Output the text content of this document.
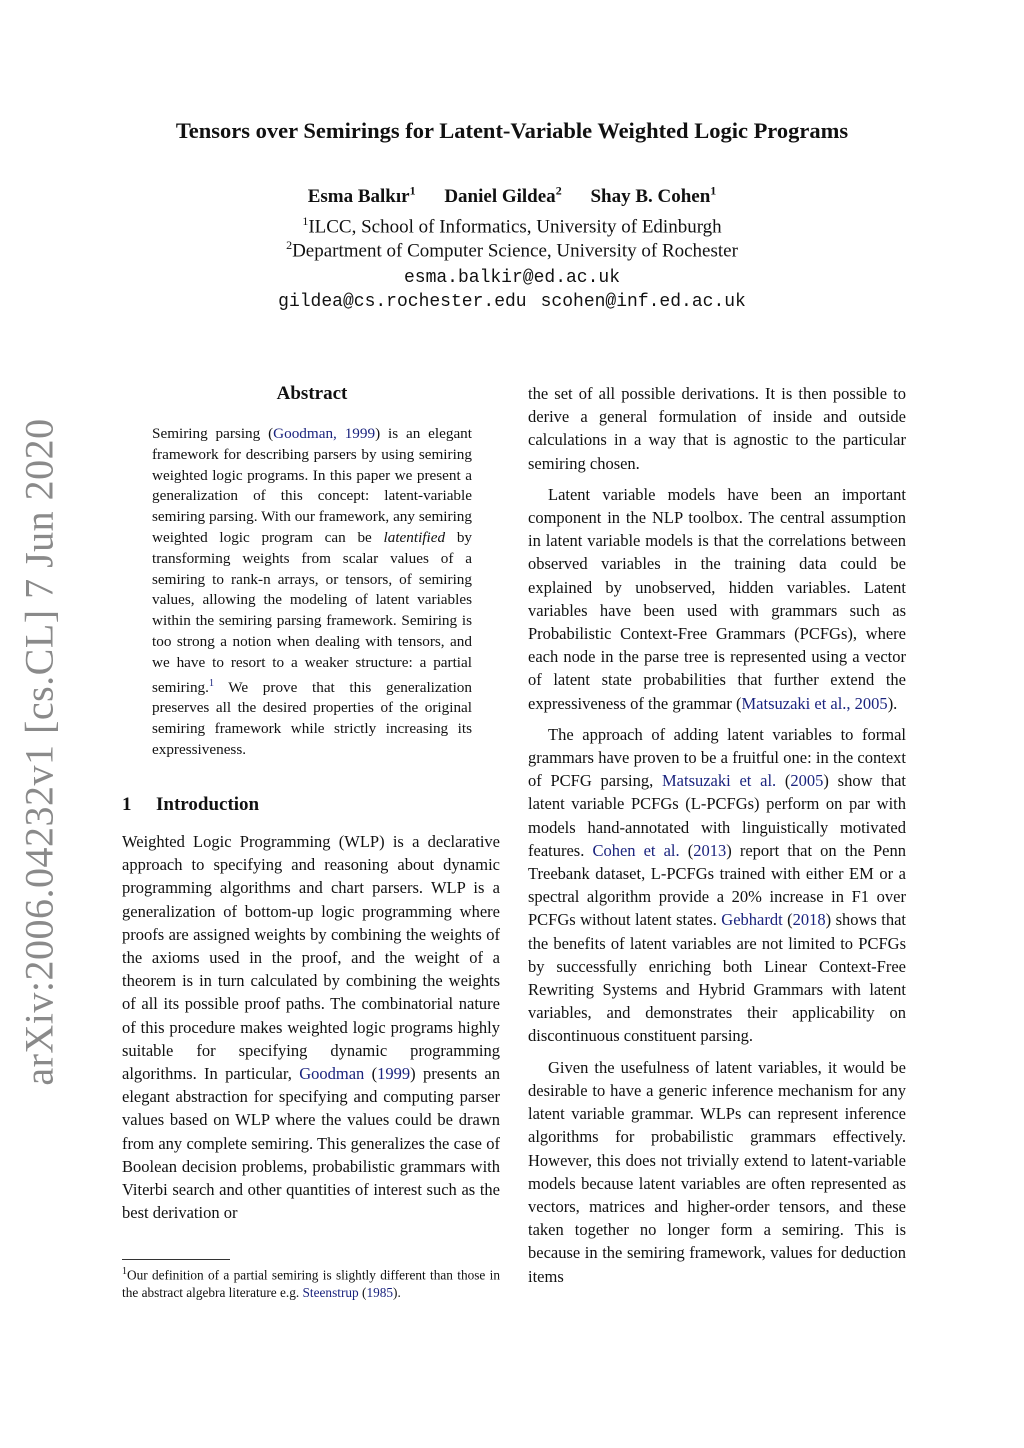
arXiv:2006.04232v1 [cs.CL] 7 Jun 2020
Tensors over Semirings for Latent-Variable Weighted Logic Programs
Esma Balkır$^1$ Daniel Gildea$^2$ Shay B. Cohen$^1$
$^1$ILCC, School of Informatics, University of Edinburgh
$^2$Department of Computer Science, University of Rochester
esma.balkir@ed.ac.uk
gildea@cs.rochester.edu scohen@inf.ed.ac.uk
Abstract
Semiring parsing (Goodman, 1999) is an elegant framework for describing parsers by using semiring weighted logic programs. In this paper we present a generalization of this concept: latent-variable semiring parsing. With our framework, any semiring weighted logic program can be latentified by transforming weights from scalar values of a semiring to rank-n arrays, or tensors, of semiring values, allowing the modeling of latent variables within the semiring parsing framework. Semiring is too strong a notion when dealing with tensors, and we have to resort to a weaker structure: a partial semiring.$^1$ We prove that this generalization preserves all the desired properties of the original semiring framework while strictly increasing its expressiveness.
1 Introduction

Weighted Logic Programming (WLP) is a declarative approach to specifying and reasoning about dynamic programming algorithms and chart parsers. WLP is a generalization of bottom-up logic programming where proofs are assigned weights by combining the weights of the axioms used in the proof, and the weight of a theorem is in turn calculated by combining the weights of all its possible proof paths. The combinatorial nature of this procedure makes weighted logic programs highly suitable for specifying dynamic programming algorithms. In particular, Goodman (1999) presents an elegant abstraction for specifying and computing parser values based on WLP where the values could be drawn from any complete semiring. This generalizes the case of Boolean decision problems, probabilistic grammars with Viterbi search and other quantities of interest such as the best derivation or

the set of all possible derivations. It is then possible to derive a general formulation of inside and outside calculations in a way that is agnostic to the particular semiring chosen.

Latent variable models have been an important component in the NLP toolbox. The central assumption in latent variable models is that the correlations between observed variables in the training data could be explained by unobserved, hidden variables. Latent variables have been used with grammars such as Probabilistic Context-Free Grammars (PCFGs), where each node in the parse tree is represented using a vector of latent state probabilities that further extend the expressiveness of the grammar (Matsuzaki et al., 2005).

The approach of adding latent variables to formal grammars have proven to be a fruitful one: in the context of PCFG parsing, Matsuzaki et al. (2005) show that latent variable PCFGs (L-PCFGs) perform on par with models hand-annotated with linguistically motivated features. Cohen et al. (2013) report that on the Penn Treebank dataset, L-PCFGs trained with either EM or a spectral algorithm provide a 20% increase in F1 over PCFGs without latent states. Gebhardt (2018) shows that the benefits of latent variables are not limited to PCFGs by successfully enriching both Linear Context-Free Rewriting Systems and Hybrid Grammars with latent variables, and demonstrates their applicability on discontinuous constituent parsing.

Given the usefulness of latent variables, it would be desirable to have a generic inference mechanism for any latent variable grammar. WLPs can represent inference algorithms for probabilistic grammars effectively. However, this does not trivially extend to latent-variable models because latent variables are often represented as vectors, matrices and higher-order tensors, and these taken together no longer form a semiring. This is because in the semiring framework, values for deduction items

$^1$Our definition of a partial semiring is slightly different than those in the abstract algebra literature e.g. Steenstrup (1985).
